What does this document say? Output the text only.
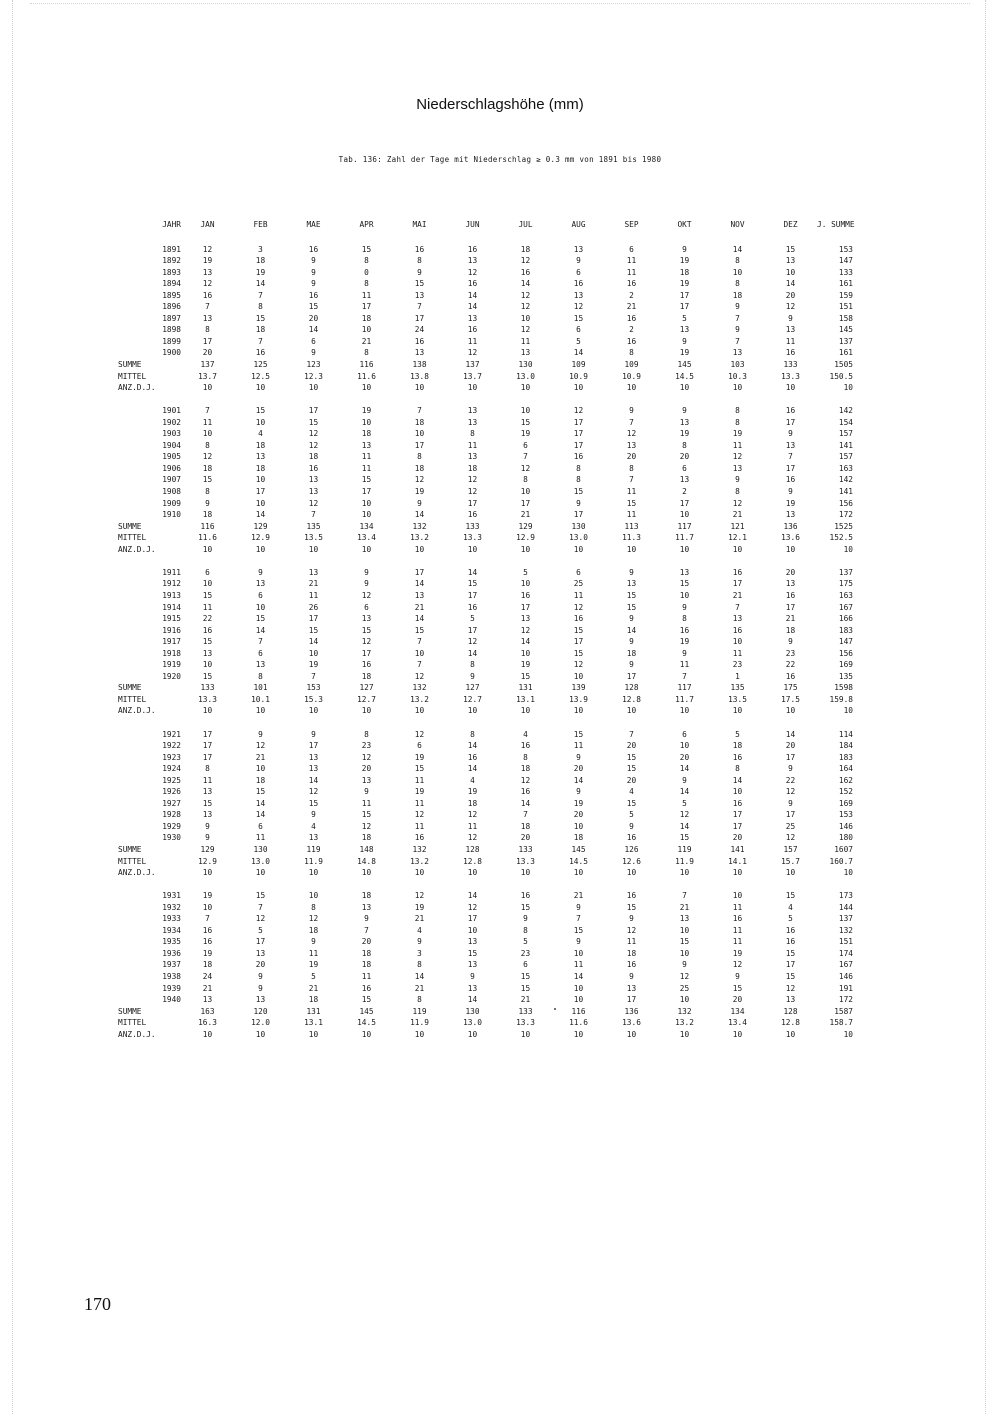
Niederschlagshöhe (mm)
Tab. 136: Zahl der Tage mit Niederschlag ≥ 0.3 mm von 1891 bis 1980
JAHR	JAN	FEB	MAE	APR	MAI	JUN	JUL	AUG	SEP	OKT	NOV	DEZ	J. SUMME

1891	12	3	16	15	16	16	18	13	6	9	14	15	153
1892	19	18	9	8	8	13	12	9	11	19	8	13	147
1893	13	19	9	0	9	12	16	6	11	18	10	10	133
1894	12	14	9	8	15	16	14	16	16	19	8	14	161
1895	16	7	16	11	13	14	12	13	2	17	18	20	159
1896	7	8	15	17	7	14	12	12	21	17	9	12	151
1897	13	15	20	18	17	13	10	15	16	5	7	9	158
1898	8	18	14	10	24	16	12	6	2	13	9	13	145
1899	17	7	6	21	16	11	11	5	16	9	7	11	137
1900	20	16	9	8	13	12	13	14	8	19	13	16	161
SUMME	137	125	123	116	138	137	130	109	109	145	103	133	1505
MITTEL	13.7	12.5	12.3	11.6	13.8	13.7	13.0	10.9	10.9	14.5	10.3	13.3	150.5
ANZ.D.J.	10	10	10	10	10	10	10	10	10	10	10	10	10

1901	7	15	17	19	7	13	10	12	9	9	8	16	142
1902	11	10	15	10	18	13	15	17	7	13	8	17	154
1903	10	4	12	18	10	8	19	17	12	19	19	9	157
1904	8	18	12	13	17	11	6	17	13	8	11	13	141
1905	12	13	18	11	8	13	7	16	20	20	12	7	157
1906	18	18	16	11	18	18	12	8	8	6	13	17	163
1907	15	10	13	15	12	12	8	8	7	13	9	16	142
1908	8	17	13	17	19	12	10	15	11	2	8	9	141
1909	9	10	12	10	9	17	17	9	15	17	12	19	156
1910	18	14	7	10	14	16	21	17	11	10	21	13	172
SUMME	116	129	135	134	132	133	129	130	113	117	121	136	1525
MITTEL	11.6	12.9	13.5	13.4	13.2	13.3	12.9	13.0	11.3	11.7	12.1	13.6	152.5
ANZ.D.J.	10	10	10	10	10	10	10	10	10	10	10	10	10

1911	6	9	13	9	17	14	5	6	9	13	16	20	137
1912	10	13	21	9	14	15	10	25	13	15	17	13	175
1913	15	6	11	12	13	17	16	11	15	10	21	16	163
1914	11	10	26	6	21	16	17	12	15	9	7	17	167
1915	22	15	17	13	14	5	13	16	9	8	13	21	166
1916	16	14	15	15	15	17	12	15	14	16	16	18	183
1917	15	7	14	12	7	12	14	17	9	19	10	9	147
1918	13	6	10	17	10	14	10	15	18	9	11	23	156
1919	10	13	19	16	7	8	19	12	9	11	23	22	169
1920	15	8	7	18	12	9	15	10	17	7	1	16	135
SUMME	133	101	153	127	132	127	131	139	128	117	135	175	1598
MITTEL	13.3	10.1	15.3	12.7	13.2	12.7	13.1	13.9	12.8	11.7	13.5	17.5	159.8
ANZ.D.J.	10	10	10	10	10	10	10	10	10	10	10	10	10

1921	17	9	9	8	12	8	4	15	7	6	5	14	114
1922	17	12	17	23	6	14	16	11	20	10	18	20	184
1923	17	21	13	12	19	16	8	9	15	20	16	17	183
1924	8	10	13	20	15	14	18	20	15	14	8	9	164
1925	11	18	14	13	11	4	12	14	20	9	14	22	162
1926	13	15	12	9	19	19	16	9	4	14	10	12	152
1927	15	14	15	11	11	18	14	19	15	5	16	9	169
1928	13	14	9	15	12	12	7	20	5	12	17	17	153
1929	9	6	4	12	11	11	18	10	9	14	17	25	146
1930	9	11	13	18	16	12	20	18	16	15	20	12	180
SUMME	129	130	119	148	132	128	133	145	126	119	141	157	1607
MITTEL	12.9	13.0	11.9	14.8	13.2	12.8	13.3	14.5	12.6	11.9	14.1	15.7	160.7
ANZ.D.J.	10	10	10	10	10	10	10	10	10	10	10	10	10

1931	19	15	10	18	12	14	16	21	16	7	10	15	173
1932	10	7	8	13	19	12	15	9	15	21	11	4	144
1933	7	12	12	9	21	17	9	7	9	13	16	5	137
1934	16	5	18	7	4	10	8	15	12	10	11	16	132
1935	16	17	9	20	9	13	5	9	11	15	11	16	151
1936	19	13	11	18	3	15	23	10	18	10	19	15	174
1937	18	20	19	18	8	13	6	11	16	9	12	17	167
1938	24	9	5	11	14	9	15	14	9	12	9	15	146
1939	21	9	21	16	21	13	15	10	13	25	15	12	191
1940	13	13	18	15	8	14	21	10	17	10	20	13	172
SUMME	163	120	131	145	119	130	133	116	136	132	134	128	1587
MITTEL	16.3	12.0	13.1	14.5	11.9	13.0	13.3	11.6	13.6	13.2	13.4	12.8	158.7
ANZ.D.J.	10	10	10	10	10	10	10	10	10	10	10	10	10
170
